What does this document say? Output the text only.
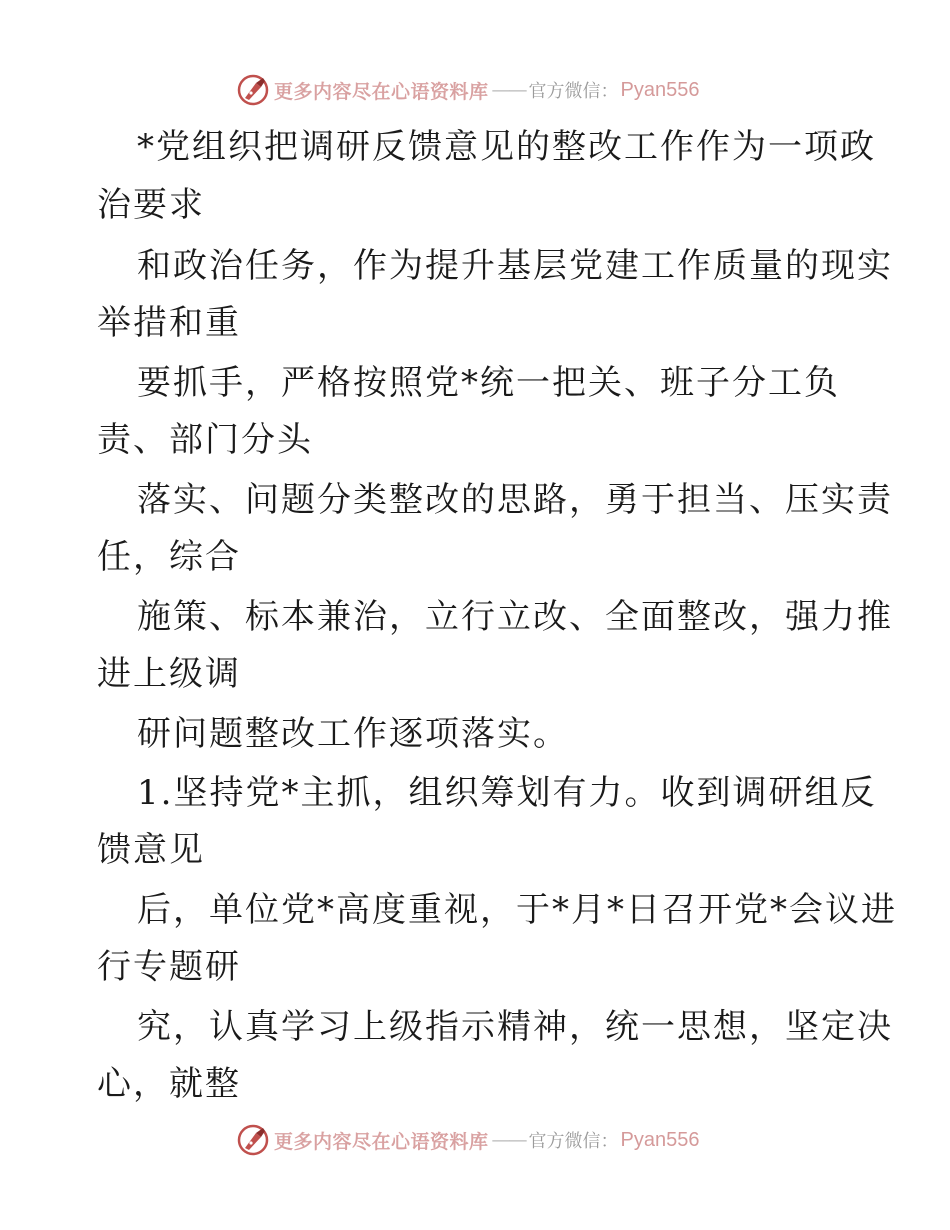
更多内容尽在心语资料库 —— 官方微信： Pyan556
*党组织把调研反馈意见的整改工作作为一项政
治要求
和政治任务，作为提升基层党建工作质量的现实
举措和重
要抓手，严格按照党*统一把关、班子分工负
责、部门分头
落实、问题分类整改的思路，勇于担当、压实责
任，综合
施策、标本兼治，立行立改、全面整改，强力推
进上级调
研问题整改工作逐项落实。
1.坚持党*主抓，组织筹划有力。收到调研组反
馈意见
后，单位党*高度重视，于*月*日召开党*会议进
行专题研
究，认真学习上级指示精神，统一思想，坚定决
心，就整
更多内容尽在心语资料库 —— 官方微信： Pyan556
